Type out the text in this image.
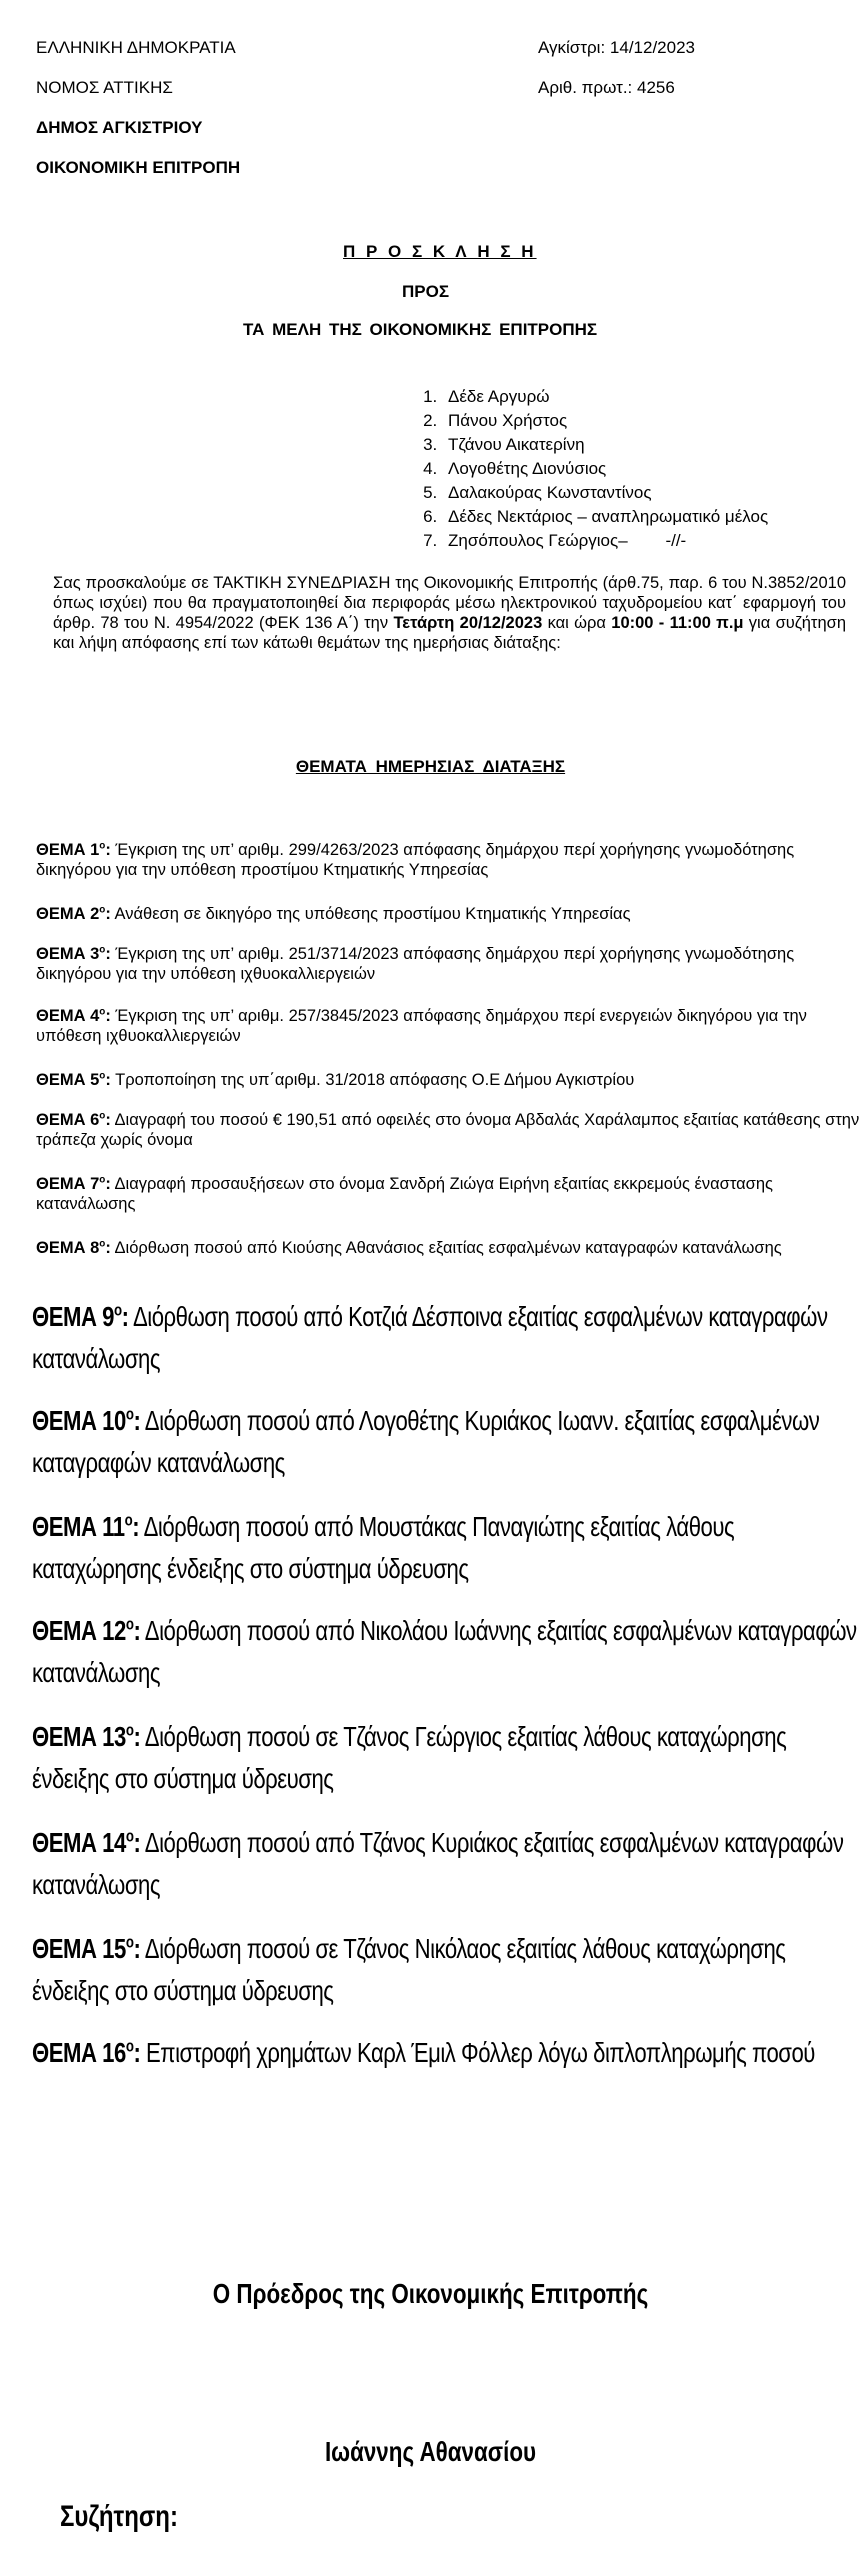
ΕΛΛΗΝΙΚΗ ΔΗΜΟΚΡΑΤΙΑ
ΝΟΜΟΣ ΑΤΤΙΚΗΣ
ΔΗΜΟΣ ΑΓΚΙΣΤΡΙΟΥ
ΟΙΚΟΝΟΜΙΚΗ ΕΠΙΤΡΟΠΗ
Αγκίστρι: 14/12/2023
Αριθ. πρωτ.: 4256
Π Ρ Ο Σ Κ Λ Η Σ Η
ΠΡΟΣ
ΤΑ ΜΕΛΗ ΤΗΣ ΟΙΚΟΝΟΜΙΚΗΣ ΕΠΙΤΡΟΠΗΣ
1. Δέδε Αργυρώ
2. Πάνου Χρήστος
3. Τζάνου Αικατερίνη
4. Λογοθέτης Διονύσιος
5. Δαλακούρας Κωνσταντίνος
6. Δέδες Νεκτάριος – αναπληρωματικό μέλος
7. Ζησόπουλος Γεώργιος–        -//-
Σας προσκαλούμε σε ΤΑΚΤΙΚΗ ΣΥΝΕΔΡΙΑΣΗ της Οικονομικής Επιτροπής (άρθ.75, παρ. 6 του Ν.3852/2010 όπως ισχύει) που θα πραγματοποιηθεί δια περιφοράς μέσω ηλεκτρονικού ταχυδρομείου κατ΄ εφαρμογή του άρθρ. 78 του Ν. 4954/2022 (ΦΕΚ 136 Α΄) την Τετάρτη 20/12/2023 και ώρα 10:00 - 11:00 π.μ για συζήτηση και λήψη απόφασης επί των κάτωθι θεμάτων της ημερήσιας διάταξης:
ΘΕΜΑΤΑ ΗΜΕΡΗΣΙΑΣ ΔΙΑΤΑΞΗΣ
ΘΕΜΑ $1^o$: Έγκριση της υπ’ αριθμ. 299/4263/2023 απόφασης δημάρχου περί χορήγησης γνωμοδότησης δικηγόρου για την υπόθεση προστίμου Κτηματικής Υπηρεσίας
ΘΕΜΑ $2^o$: Ανάθεση σε δικηγόρο της υπόθεσης προστίμου Κτηματικής Υπηρεσίας
ΘΕΜΑ $3^o$: Έγκριση της υπ’ αριθμ. 251/3714/2023 απόφασης δημάρχου περί χορήγησης γνωμοδότησης δικηγόρου για την υπόθεση ιχθυοκαλλιεργειών
ΘΕΜΑ $4^o$: Έγκριση της υπ’ αριθμ. 257/3845/2023 απόφασης δημάρχου περί ενεργειών δικηγόρου για την υπόθεση ιχθυοκαλλιεργειών
ΘΕΜΑ $5^o$: Τροποποίηση της υπ΄αριθμ. 31/2018 απόφασης Ο.Ε Δήμου Αγκιστρίου
ΘΕΜΑ $6^o$: Διαγραφή του ποσού € 190,51 από οφειλές στο όνομα Αβδαλάς Χαράλαμπος εξαιτίας κατάθεσης στην τράπεζα χωρίς όνομα
ΘΕΜΑ $7^o$: Διαγραφή προσαυξήσεων στο όνομα Σανδρή Ζιώγα Ειρήνη εξαιτίας εκκρεμούς έναστασης κατανάλωσης
ΘΕΜΑ $8^o$: Διόρθωση ποσού από Κιούσης Αθανάσιος εξαιτίας εσφαλμένων καταγραφών κατανάλωσης
ΘΕΜΑ $9^o$: Διόρθωση ποσού από Κοτζιά Δέσποινα εξαιτίας εσφαλμένων καταγραφών κατανάλωσης
ΘΕΜΑ $10^o$: Διόρθωση ποσού από Λογοθέτης Κυριάκος Ιωανν. εξαιτίας εσφαλμένων καταγραφών κατανάλωσης
ΘΕΜΑ $11^o$: Διόρθωση ποσού από Μουστάκας Παναγιώτης εξαιτίας λάθους καταχώρησης ένδειξης στο σύστημα ύδρευσης
ΘΕΜΑ $12^o$: Διόρθωση ποσού από Νικολάου Ιωάννης εξαιτίας εσφαλμένων καταγραφών κατανάλωσης
ΘΕΜΑ $13^o$: Διόρθωση ποσού σε Τζάνος Γεώργιος εξαιτίας λάθους καταχώρησης ένδειξης στο σύστημα ύδρευσης
ΘΕΜΑ $14^o$: Διόρθωση ποσού από Τζάνος Κυριάκος εξαιτίας εσφαλμένων καταγραφών κατανάλωσης
ΘΕΜΑ $15^o$: Διόρθωση ποσού σε Τζάνος Νικόλαος εξαιτίας λάθους καταχώρησης ένδειξης στο σύστημα ύδρευσης
ΘΕΜΑ $16^o$: Επιστροφή χρημάτων Καρλ Έμιλ Φόλλερ λόγω διπλοπληρωμής ποσού
Ο Πρόεδρος της Οικονομικής Επιτροπής
Ιωάννης Αθανασίου
Συζήτηση:
